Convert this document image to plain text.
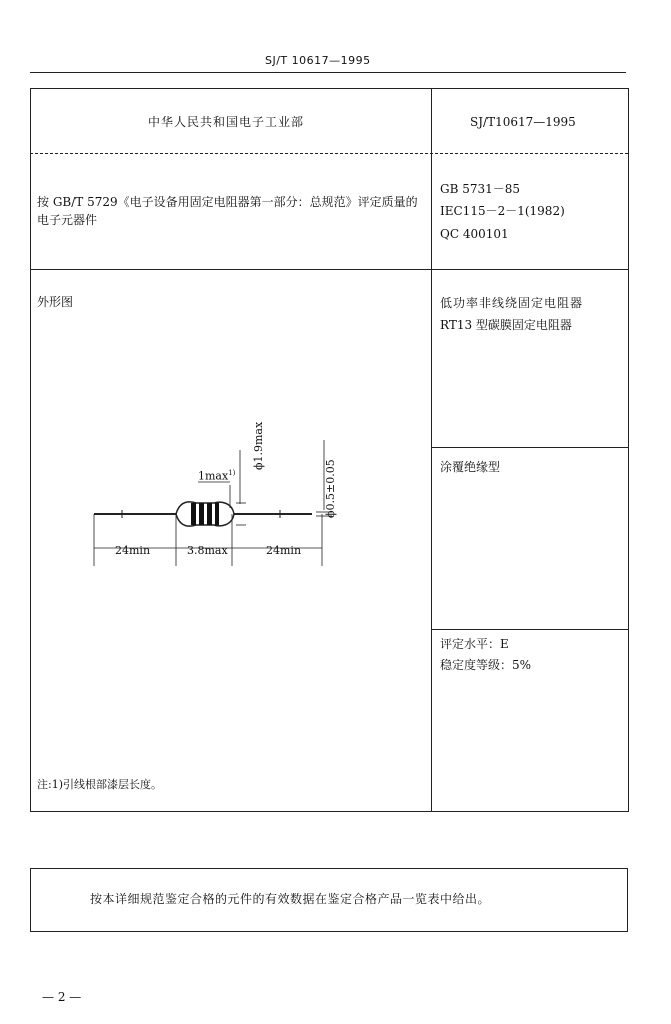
SJ/T 10617—1995
中华人民共和国电子工业部	SJ/T10617—1995
按 GB/T 5729《电子设备用固定电阻器第一部分：总规范》评定质量的电子元器件
GB 5731－85
IEC115－2－1(1982)
QC 400101
外形图
$1\max^{1)}$
ϕ1.9max
ϕ0.5±0.05
24min	3.8max	24min
注:1)引线根部漆层长度。
低功率非线绕固定电阻器
RT13 型碳膜固定电阻器
涂覆绝缘型
评定水平：E
稳定度等级：5%
按本详细规范鉴定合格的元件的有效数据在鉴定合格产品一览表中给出。
— 2 —
